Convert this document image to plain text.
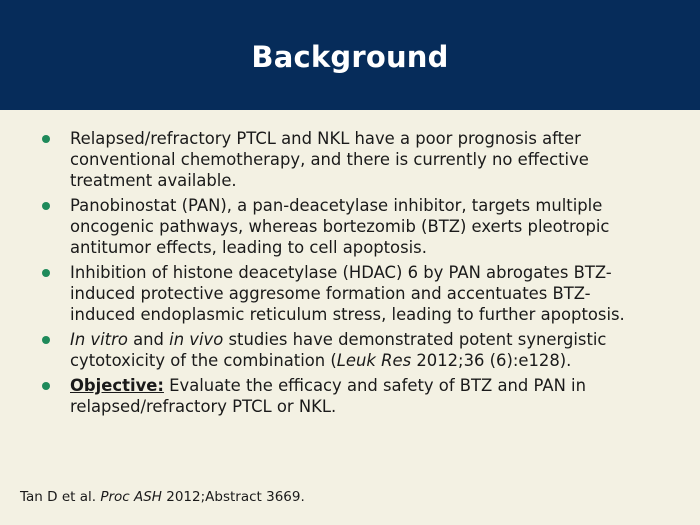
Background
Relapsed/refractory PTCL and NKL have a poor prognosis after conventional chemotherapy, and there is currently no effective treatment available.
Panobinostat (PAN), a pan-deacetylase inhibitor, targets multiple oncogenic pathways, whereas bortezomib (BTZ) exerts pleotropic antitumor effects, leading to cell apoptosis.
Inhibition of histone deacetylase (HDAC) 6 by PAN abrogates BTZ-induced protective aggresome formation and accentuates BTZ-induced endoplasmic reticulum stress, leading to further apoptosis.
In vitro and in vivo studies have demonstrated potent synergistic cytotoxicity of the combination (Leuk Res 2012;36 (6):e128).
Objective: Evaluate the efficacy and safety of BTZ and PAN in relapsed/refractory PTCL or NKL.
Tan D et al. Proc ASH 2012;Abstract 3669.
